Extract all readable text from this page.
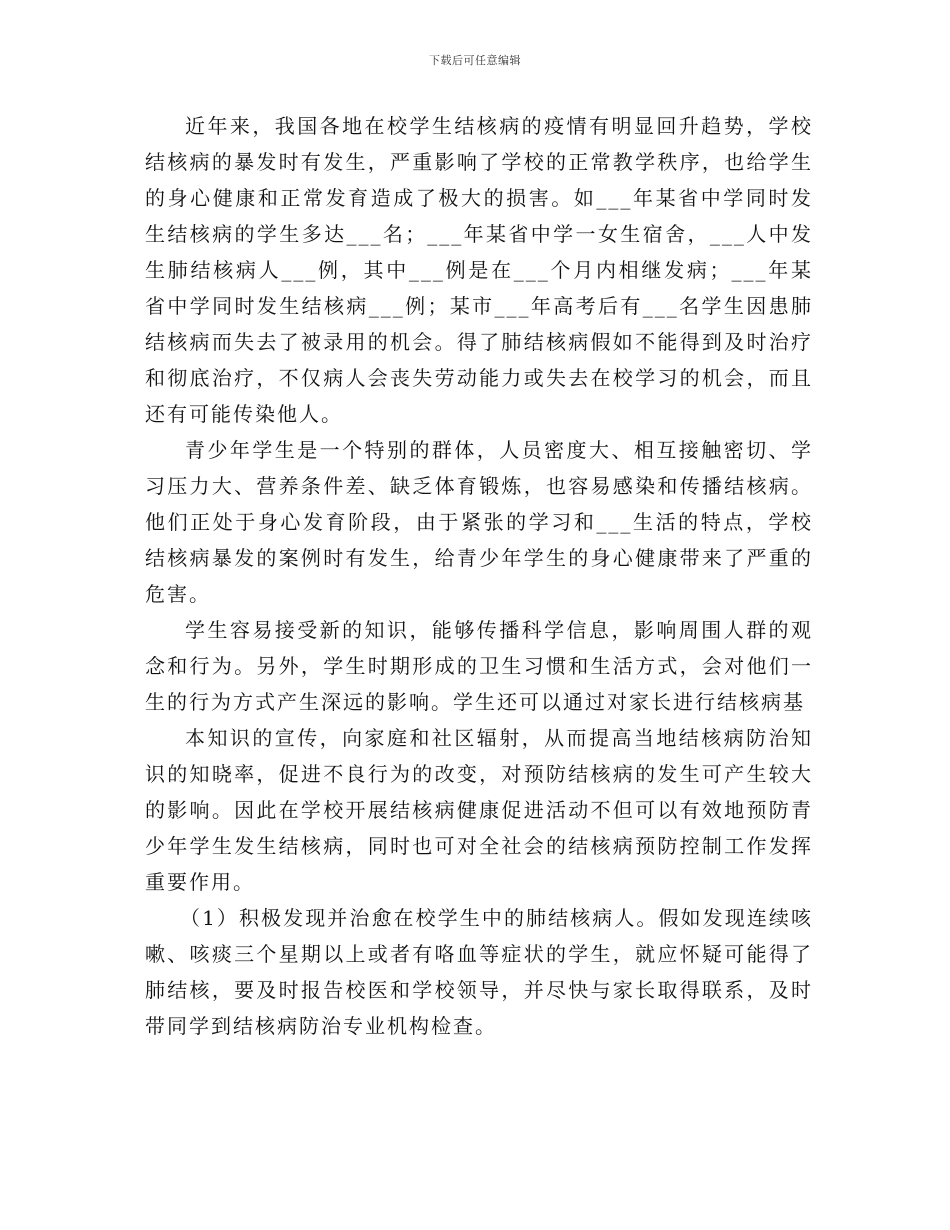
下载后可任意编辑

近年来，我国各地在校学生结核病的疫情有明显回升趋势，学校结核病的暴发时有发生，严重影响了学校的正常教学秩序，也给学生的身心健康和正常发育造成了极大的损害。如___年某省中学同时发生结核病的学生多达___名；___年某省中学一女生宿舍，___人中发生肺结核病人___例，其中___例是在___个月内相继发病；___年某省中学同时发生结核病___例；某市___年高考后有___名学生因患肺结核病而失去了被录用的机会。得了肺结核病假如不能得到及时治疗和彻底治疗，不仅病人会丧失劳动能力或失去在校学习的机会，而且还有可能传染他人。

青少年学生是一个特别的群体，人员密度大、相互接触密切、学习压力大、营养条件差、缺乏体育锻炼，也容易感染和传播结核病。他们正处于身心发育阶段，由于紧张的学习和___生活的特点，学校结核病暴发的案例时有发生，给青少年学生的身心健康带来了严重的危害。

学生容易接受新的知识，能够传播科学信息，影响周围人群的观念和行为。另外，学生时期形成的卫生习惯和生活方式，会对他们一生的行为方式产生深远的影响。学生还可以通过对家长进行结核病基

本知识的宣传，向家庭和社区辐射，从而提高当地结核病防治知识的知晓率，促进不良行为的改变，对预防结核病的发生可产生较大的影响。因此在学校开展结核病健康促进活动不但可以有效地预防青少年学生发生结核病，同时也可对全社会的结核病预防控制工作发挥重要作用。

（1）积极发现并治愈在校学生中的肺结核病人。假如发现连续咳嗽、咳痰三个星期以上或者有咯血等症状的学生，就应怀疑可能得了肺结核，要及时报告校医和学校领导，并尽快与家长取得联系，及时带同学到结核病防治专业机构检查。
